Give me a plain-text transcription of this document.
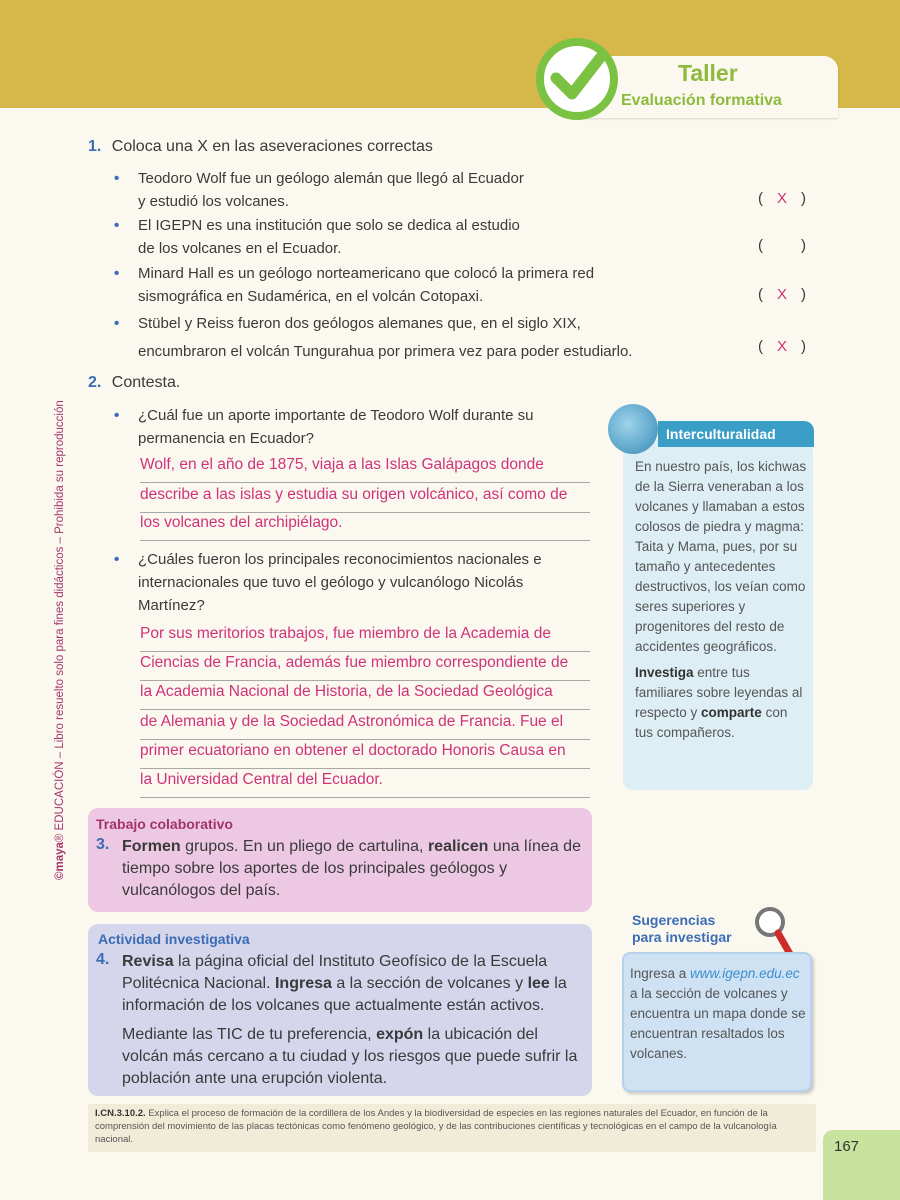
Taller
Evaluación formativa
©maya® EDUCACIÓN – Libro resuelto solo para fines didácticos – Prohibida su reproducción
1. Coloca una X en las aseveraciones correctas
• Teodoro Wolf fue un geólogo alemán que llegó al Ecuador
y estudió los volcanes.	( X )
• El IGEPN es una institución que solo se dedica al estudio
de los volcanes en el Ecuador.	(	)
• Minard Hall es un geólogo norteamericano que colocó la primera red
sismográfica en Sudamérica, en el volcán Cotopaxi.	( X )
• Stübel y Reiss fueron dos geólogos alemanes que, en el siglo XIX,
encumbraron el volcán Tungurahua por primera vez para poder estudiarlo.	( X )
2. Contesta.
• ¿Cuál fue un aporte importante de Teodoro Wolf durante su
permanencia en Ecuador?
Wolf, en el año de 1875, viaja a las Islas Galápagos donde
describe a las islas y estudia su origen volcánico, así como de
los volcanes del archipiélago.
• ¿Cuáles fueron los principales reconocimientos nacionales e
internacionales que tuvo el geólogo y vulcanólogo Nicolás
Martínez?
Por sus meritorios trabajos, fue miembro de la Academia de
Ciencias de Francia, además fue miembro correspondiente de
la Academia Nacional de Historia, de la Sociedad Geológica
de Alemania y de la Sociedad Astronómica de Francia. Fue el
primer ecuatoriano en obtener el doctorado Honoris Causa en
la Universidad Central del Ecuador.
Interculturalidad
En nuestro país, los kichwas de la Sierra veneraban a los volcanes y llamaban a estos colosos de piedra y magma: Taita y Mama, pues, por su tamaño y antecedentes destructivos, los veían como seres superiores y progenitores del resto de accidentes geográficos.
Investiga entre tus familiares sobre leyendas al respecto y comparte con tus compañeros.
Trabajo colaborativo
3. Formen grupos. En un pliego de cartulina, realicen una línea de tiempo sobre los aportes de los principales geólogos y vulcanólogos del país.
Actividad investigativa
4. Revisa la página oficial del Instituto Geofísico de la Escuela Politécnica Nacional. Ingresa a la sección de volcanes y lee la información de los volcanes que actualmente están activos.
Mediante las TIC de tu preferencia, expón la ubicación del volcán más cercano a tu ciudad y los riesgos que puede sufrir la población ante una erupción violenta.
Sugerencias
para investigar
Ingresa a www.igepn.edu.ec a la sección de volcanes y encuentra un mapa donde se encuentran resaltados los volcanes.
I.CN.3.10.2. Explica el proceso de formación de la cordillera de los Andes y la biodiversidad de especies en las regiones naturales del Ecuador, en función de la comprensión del movimiento de las placas tectónicas como fenómeno geológico, y de las contribuciones científicas y tecnológicas en el campo de la vulcanología nacional.	167
